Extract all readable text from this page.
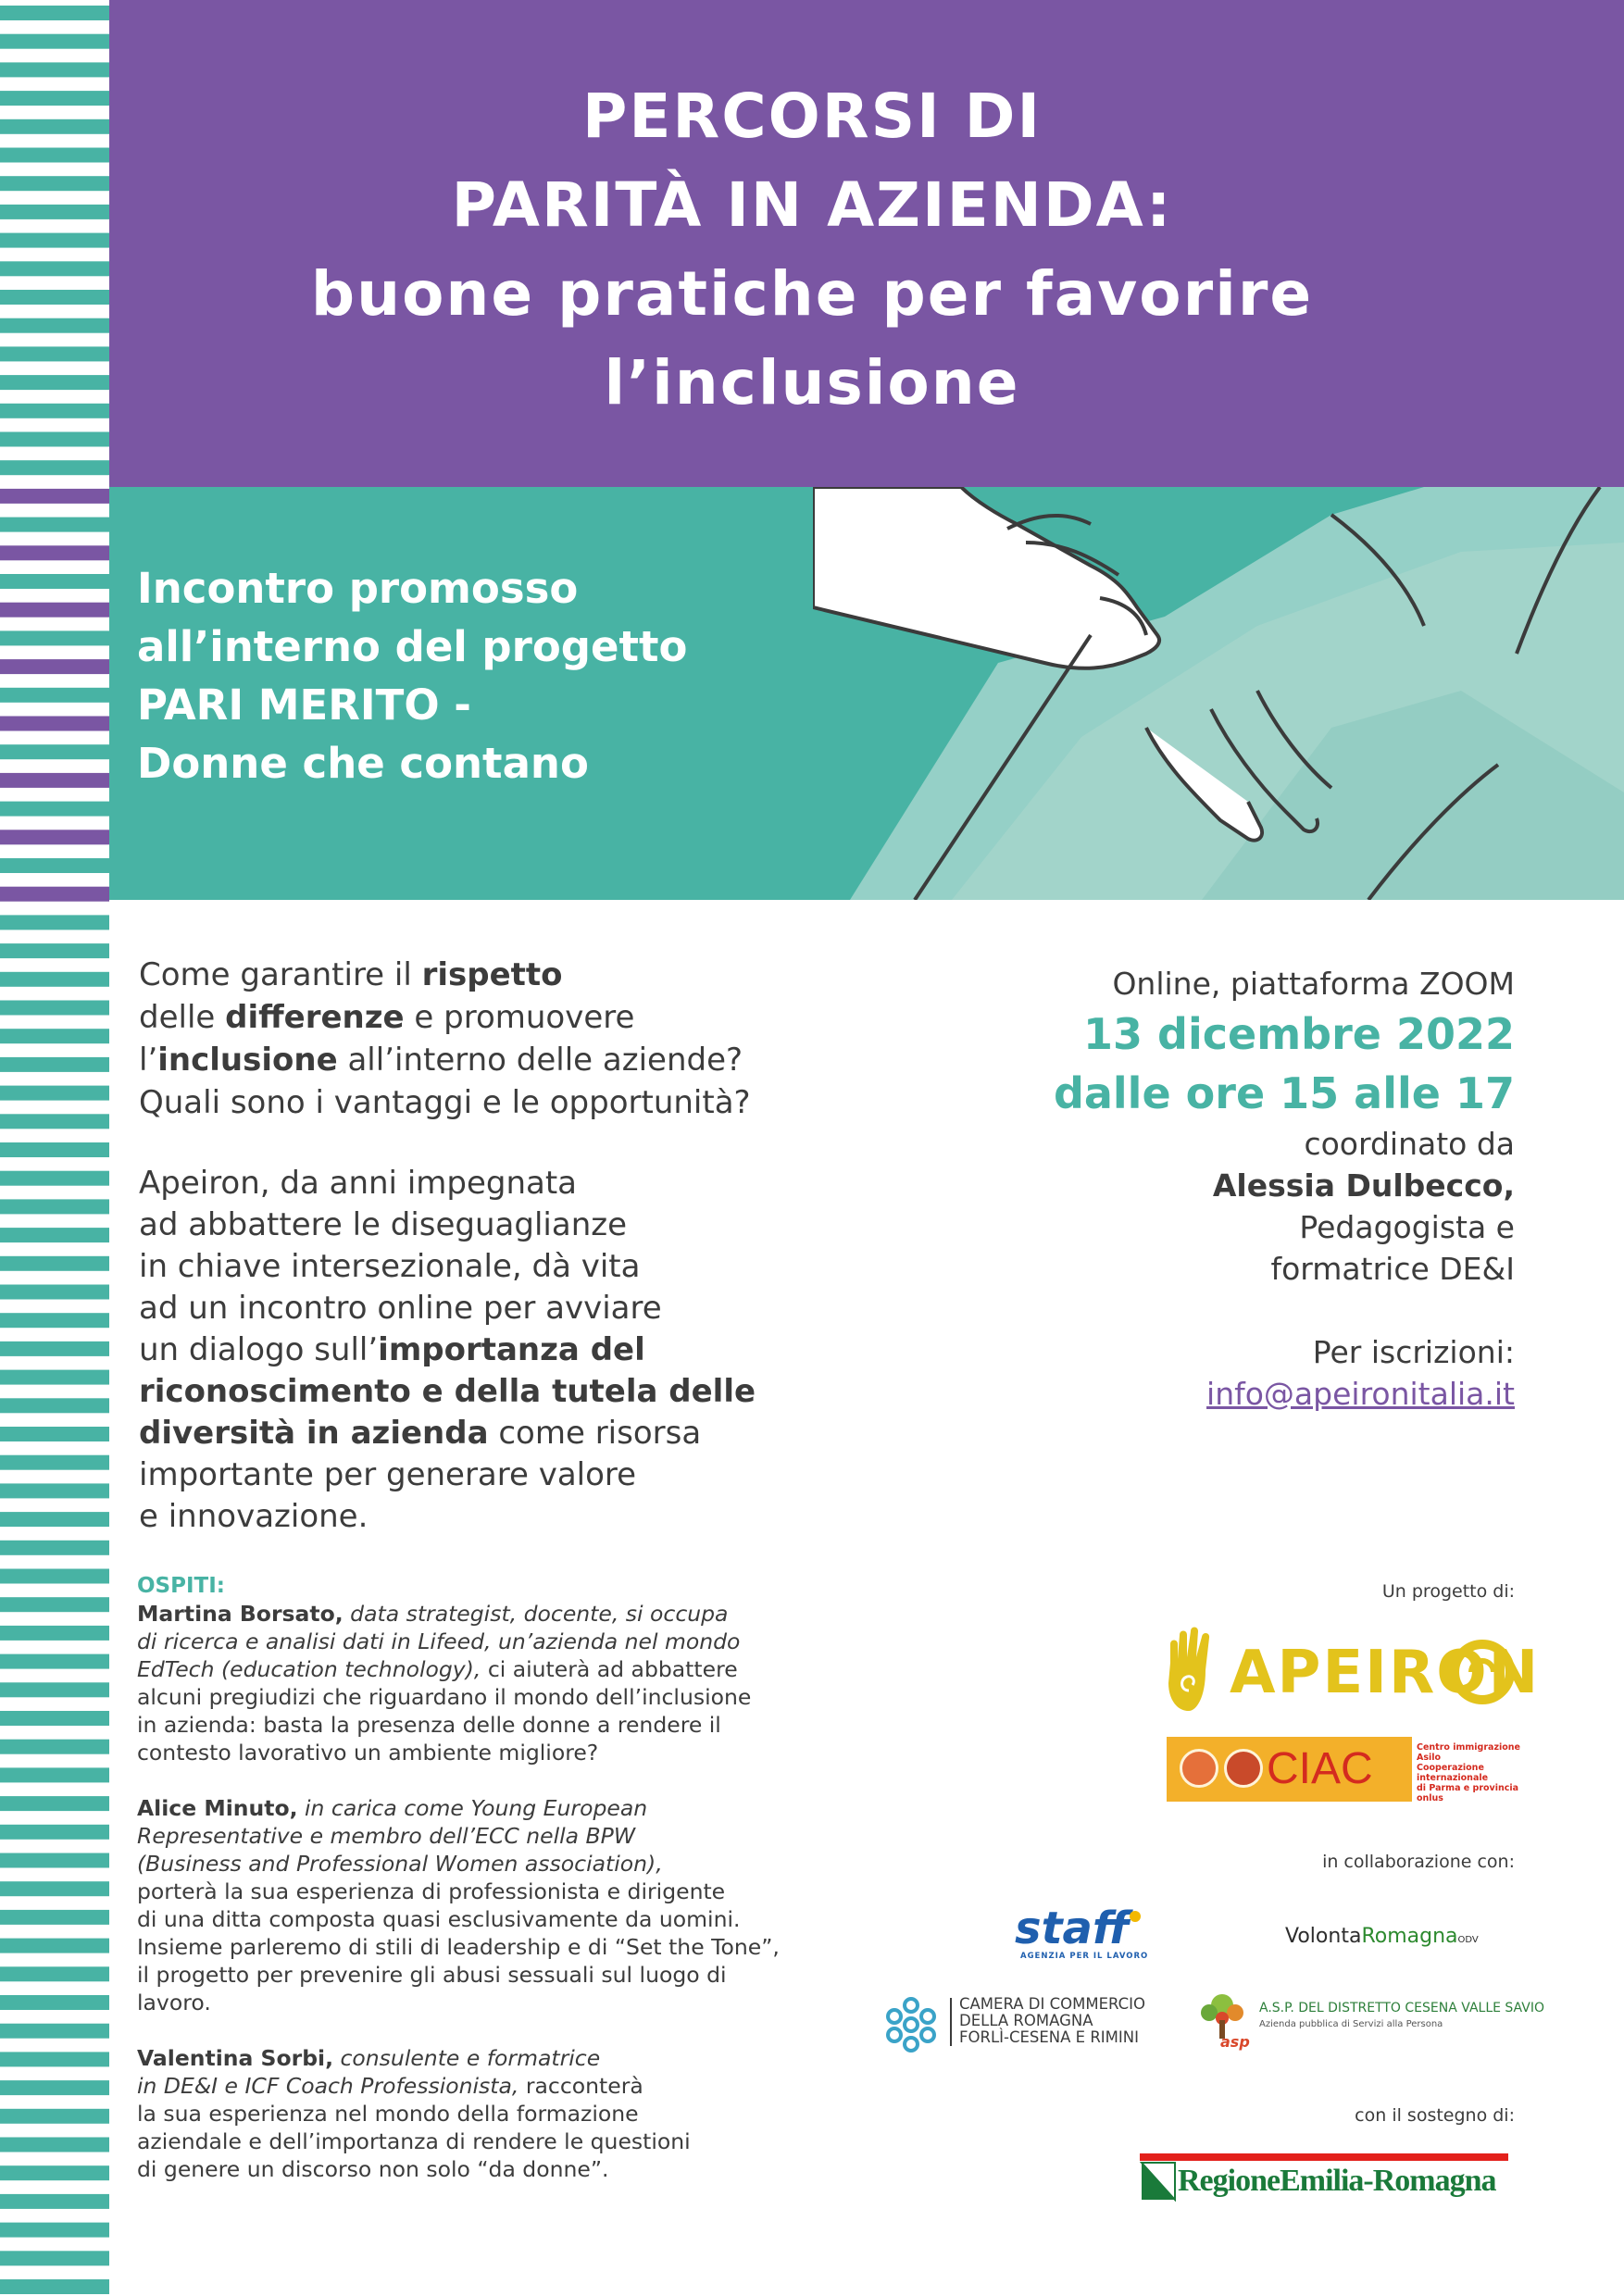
PERCORSI DI
PARITÀ IN AZIENDA:
buone pratiche per favorire
l’inclusione
Incontro promosso
all’interno del progetto
PARI MERITO -
Donne che contano
Come garantire il rispetto
delle differenze e promuovere
l’inclusione all’interno delle aziende?
Quali sono i vantaggi e le opportunità?
Apeiron, da anni impegnata
ad abbattere le diseguaglianze
in chiave intersezionale, dà vita
ad un incontro online per avviare
un dialogo sull’importanza del
riconoscimento e della tutela delle
diversità in azienda come risorsa
importante per generare valore
e innovazione.
Online, piattaforma ZOOM
13 dicembre 2022
dalle ore 15 alle 17
coordinato da
Alessia Dulbecco,
Pedagogista e
formatrice DE&I
Per iscrizioni:
info@apeironitalia.it
OSPITI:
Martina Borsato, data strategist, docente, si occupa
di ricerca e analisi dati in Lifeed, un’azienda nel mondo
EdTech (education technology), ci aiuterà ad abbattere
alcuni pregiudizi che riguardano il mondo dell’inclusione
in azienda: basta la presenza delle donne a rendere il
contesto lavorativo un ambiente migliore?
Alice Minuto, in carica come Young European
Representative e membro dell’ECC nella BPW
(Business and Professional Women association),
porterà la sua esperienza di professionista e dirigente
di una ditta composta quasi esclusivamente da uomini.
Insieme parleremo di stili di leadership e di “Set the Tone”,
il progetto per prevenire gli abusi sessuali sul luogo di
lavoro.
Valentina Sorbi, consulente e formatrice
in DE&I e ICF Coach Professionista, racconterà
la sua esperienza nel mondo della formazione
aziendale e dell’importanza di rendere le questioni
di genere un discorso non solo “da donne”.
Un progetto di:
APEIRON
CIAC	Centro immigrazione
Asilo
Cooperazione
internazionale
di Parma e provincia
onlus
in collaborazione con:
staff
AGENZIA PER IL LAVORO
VolontaRomagnaODV
CAMERA DI COMMERCIO
DELLA ROMAGNA
FORLÌ-CESENA E RIMINI	asp
A.S.P. DEL DISTRETTO CESENA VALLE SAVIO
Azienda pubblica di Servizi alla Persona
con il sostegno di:
RegioneEmilia-Romagna
